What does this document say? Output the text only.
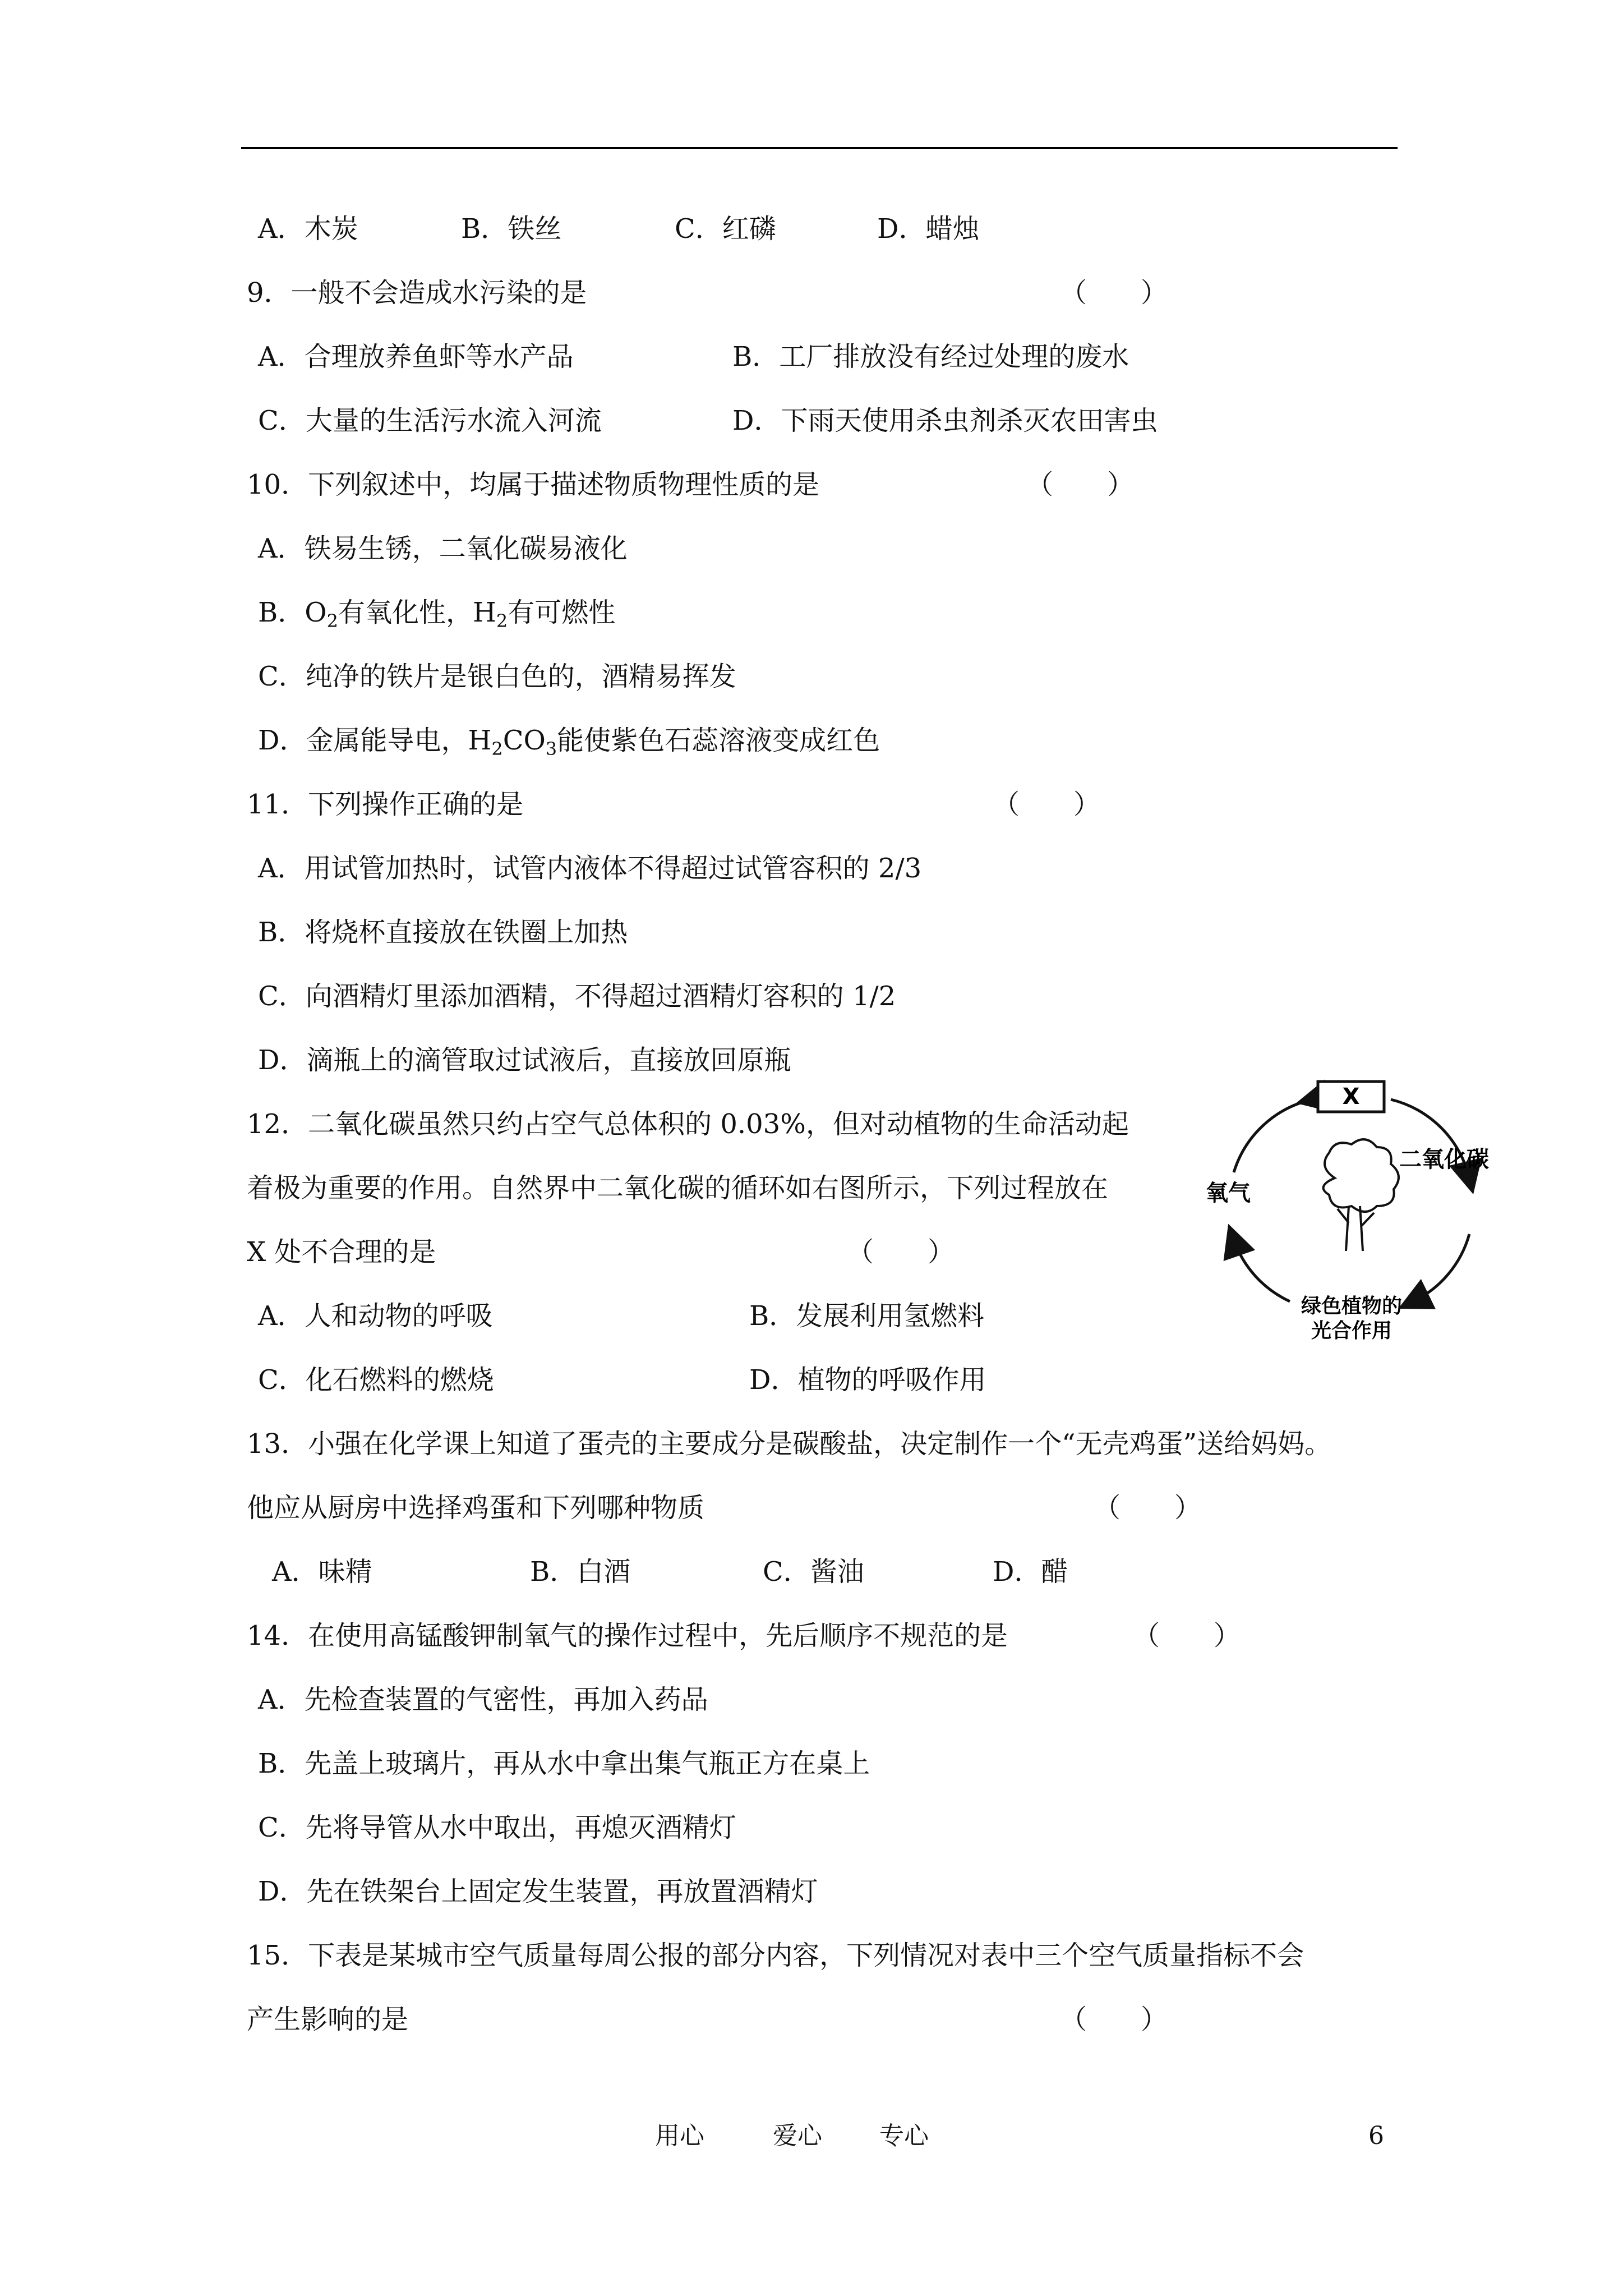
A．木炭	B．铁丝	C．红磷	D．蜡烛
9．一般不会造成水污染的是	（　　）
A．合理放养鱼虾等水产品	B．工厂排放没有经过处理的废水
C．大量的生活污水流入河流	D．下雨天使用杀虫剂杀灭农田害虫
10．下列叙述中，均属于描述物质物理性质的是	（　　）
A．铁易生锈，二氧化碳易液化
B．$O_2$有氧化性，$H_2$有可燃性
C．纯净的铁片是银白色的，酒精易挥发
D．金属能导电，$H_2CO_3$能使紫色石蕊溶液变成红色
11．下列操作正确的是	（　　）
A．用试管加热时，试管内液体不得超过试管容积的 2/3
B．将烧杯直接放在铁圈上加热
C．向酒精灯里添加酒精，不得超过酒精灯容积的 1/2
D．滴瓶上的滴管取过试液后，直接放回原瓶
12．二氧化碳虽然只约占空气总体积的 0.03%，但对动植物的生命活动起
着极为重要的作用。自然界中二氧化碳的循环如右图所示，下列过程放在
X 处不合理的是	（　　）
A．人和动物的呼吸	B．发展利用氢燃料
C．化石燃料的燃烧	D．植物的呼吸作用
X
氧气
二氧化碳
绿色植物的
光合作用
13．小强在化学课上知道了蛋壳的主要成分是碳酸盐，决定制作一个“无壳鸡蛋”送给妈妈。
他应从厨房中选择鸡蛋和下列哪种物质	（　　）
A．味精	B．白酒	C．酱油	D．醋
14．在使用高锰酸钾制氧气的操作过程中，先后顺序不规范的是	（　　）
A．先检查装置的气密性，再加入药品
B．先盖上玻璃片，再从水中拿出集气瓶正方在桌上
C．先将导管从水中取出，再熄灭酒精灯
D．先在铁架台上固定发生装置，再放置酒精灯
15．下表是某城市空气质量每周公报的部分内容，下列情况对表中三个空气质量指标不会
产生影响的是	（　　）
用心	爱心 专心	6
